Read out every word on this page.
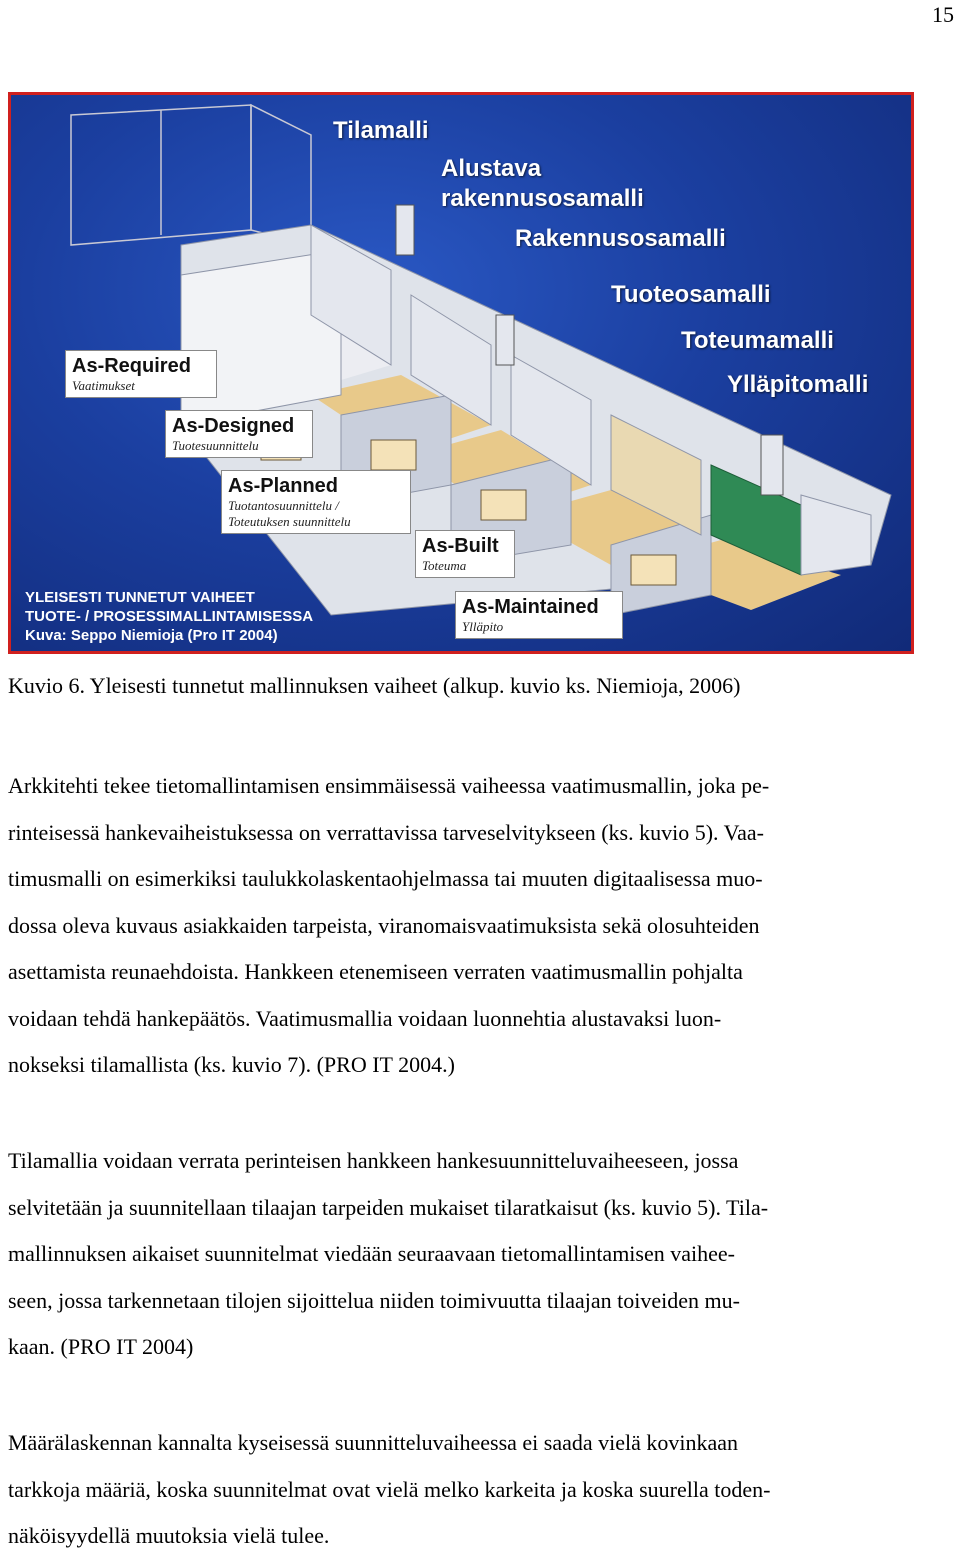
15
Tilamalli
Alustava
rakennusosamalli
Rakennusosamalli
Tuoteosamalli
Toteumamalli
Ylläpitomalli
As-Required
Vaatimukset
As-Designed
Tuotesuunnittelu
As-Planned
Tuotantosuunnittelu /
Toteutuksen suunnittelu
As-Built
Toteuma
As-Maintained
Ylläpito
YLEISESTI TUNNETUT VAIHEET
TUOTE- / PROSESSIMALLINTAMISESSA
Kuva: Seppo Niemioja (Pro IT 2004)
Kuvio 6. Yleisesti tunnetut mallinnuksen vaiheet (alkup. kuvio ks. Niemioja, 2006)
Arkkitehti tekee tietomallintamisen ensimmäisessä vaiheessa vaatimusmallin, joka pe-
rinteisessä hankevaiheistuksessa on verrattavissa tarveselvitykseen (ks. kuvio 5). Vaa-
timusmalli on esimerkiksi taulukkolaskentaohjelmassa tai muuten digitaalisessa muo-
dossa oleva kuvaus asiakkaiden tarpeista, viranomaisvaatimuksista sekä olosuhteiden
asettamista reunaehdoista. Hankkeen etenemiseen verraten vaatimusmallin pohjalta
voidaan tehdä hankepäätös. Vaatimusmallia voidaan luonnehtia alustavaksi luon-
nokseksi tilamallista (ks. kuvio 7). (PRO IT 2004.)
Tilamallia voidaan verrata perinteisen hankkeen hankesuunnitteluvaiheeseen, jossa
selvitetään ja suunnitellaan tilaajan tarpeiden mukaiset tilaratkaisut (ks. kuvio 5). Tila-
mallinnuksen aikaiset suunnitelmat viedään seuraavaan tietomallintamisen vaihee-
seen, jossa tarkennetaan tilojen sijoittelua niiden toimivuutta tilaajan toiveiden mu-
kaan. (PRO IT 2004)
Määrälaskennan kannalta kyseisessä suunnitteluvaiheessa ei saada vielä kovinkaan
tarkkoja määriä, koska suunnitelmat ovat vielä melko karkeita ja koska suurella toden-
näköisyydellä muutoksia vielä tulee.
